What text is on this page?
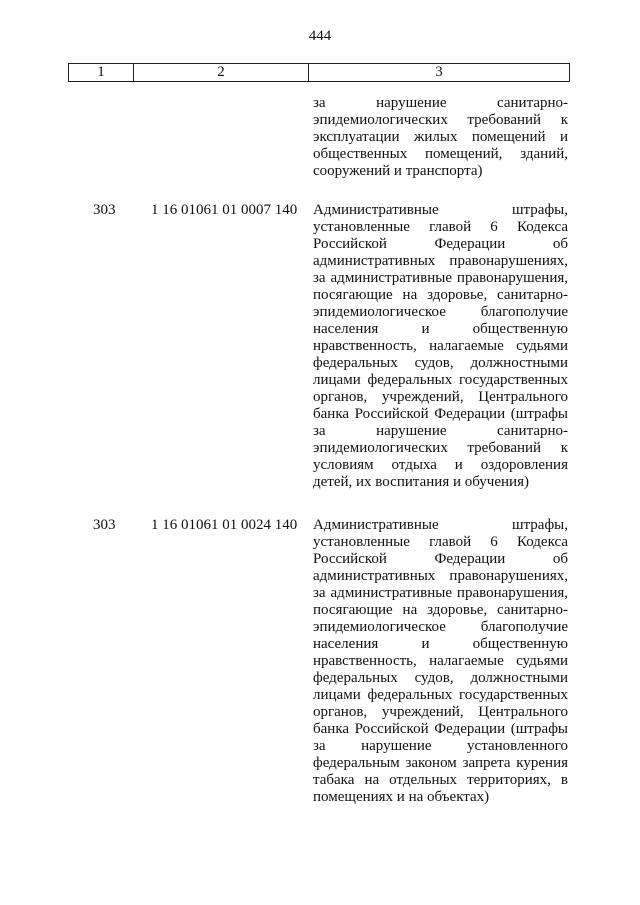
444
1	2	3
за нарушение санитарно-эпидемиологических требований к эксплуатации жилых помещений и общественных помещений, зданий, сооружений и транспорта)
303 1 16 01061 01 0007 140 Административные штрафы, установленные главой 6 Кодекса Российской Федерации об административных правонарушениях, за административные правонарушения, посягающие на здоровье, санитарно-эпидемиологическое благополучие населения и общественную нравственность, налагаемые судьями федеральных судов, должностными лицами федеральных государственных органов, учреждений, Центрального банка Российской Федерации (штрафы за нарушение санитарно-эпидемиологических требований к условиям отдыха и оздоровления детей, их воспитания и обучения)
303 1 16 01061 01 0024 140 Административные штрафы, установленные главой 6 Кодекса Российской Федерации об административных правонарушениях, за административные правонарушения, посягающие на здоровье, санитарно-эпидемиологическое благополучие населения и общественную нравственность, налагаемые судьями федеральных судов, должностными лицами федеральных государственных органов, учреждений, Центрального банка Российской Федерации (штрафы за нарушение установленного федеральным законом запрета курения табака на отдельных территориях, в помещениях и на объектах)
